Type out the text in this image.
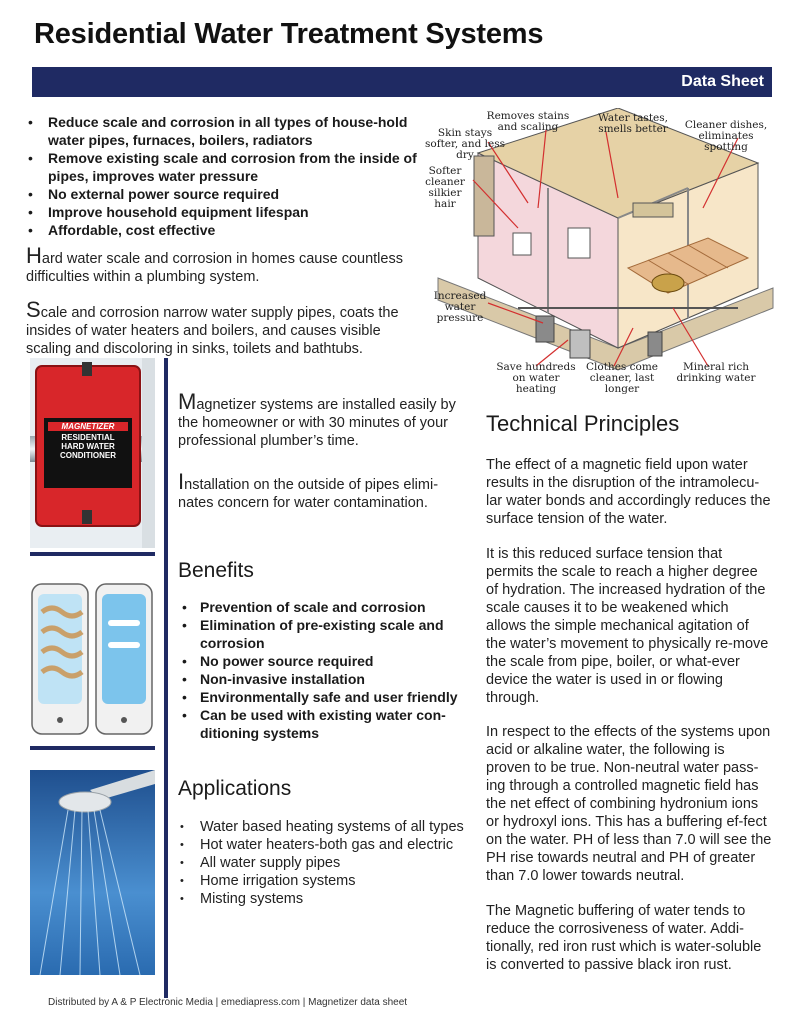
Residential Water Treatment Systems
Data Sheet
• Reduce scale and corrosion in all types of house-hold water pipes, furnaces, boilers, radiators
• Remove existing scale and corrosion from the inside of pipes, improves water pressure
• No external power source required
• Improve household equipment lifespan
• Affordable, cost effective

Hard water scale and corrosion in homes cause countless difficulties within a plumbing system.

Scale and corrosion narrow water supply pipes, coats the insides of water heaters and boilers, and causes visible scaling and discoloring in sinks, toilets and bathtubs.

Removes stains and scaling
Water tastes, smells better
Skin stays softer, and less dry
Cleaner dishes, eliminates spotting
Softer cleaner silkier hair
Increased water pressure
Save hundreds on water heating
Clothes come cleaner, last longer
Mineral rich drinking water
MAGNETIZER
RESIDENTIAL
HARD WATER
CONDITIONER

Magnetizer systems are installed easily by the homeowner or with 30 minutes of your professional plumber’s time.

Installation on the outside of pipes elimi-nates concern for water contamination.

Benefits
• Prevention of scale and corrosion
• Elimination of pre-existing scale and corrosion
• No power source required
• Non-invasive installation
• Environmentally safe and user friendly
• Can be used with existing water con-ditioning systems
Applications
• Water based heating systems of all types
• Hot water heaters-both gas and electric
• All water supply pipes
• Home irrigation systems
• Misting systems
Technical Principles

The effect of a magnetic field upon water results in the disruption of the intramolecu-lar water bonds and accordingly reduces the surface tension of the water.

It is this reduced surface tension that permits the scale to reach a higher degree of hydration. The increased hydration of the scale causes it to be weakened which allows the simple mechanical agitation of the water’s movement to physically re-move the scale from pipe, boiler, or what-ever device the water is used in or flowing through.

In respect to the effects of the systems upon acid or alkaline water, the following is proven to be true. Non-neutral water pass-ing through a controlled magnetic field has the net effect of combining hydronium ions or hydroxyl ions. This has a buffering ef-fect on the water. PH of less than 7.0 will see the PH rise towards neutral and PH of greater than 7.0 lower towards neutral.

The Magnetic buffering of water tends to reduce the corrosiveness of water. Addi-tionally, red iron rust which is water-soluble is converted to passive black iron rust.

Distributed by A & P Electronic Media | emediapress.com | Magnetizer data sheet
